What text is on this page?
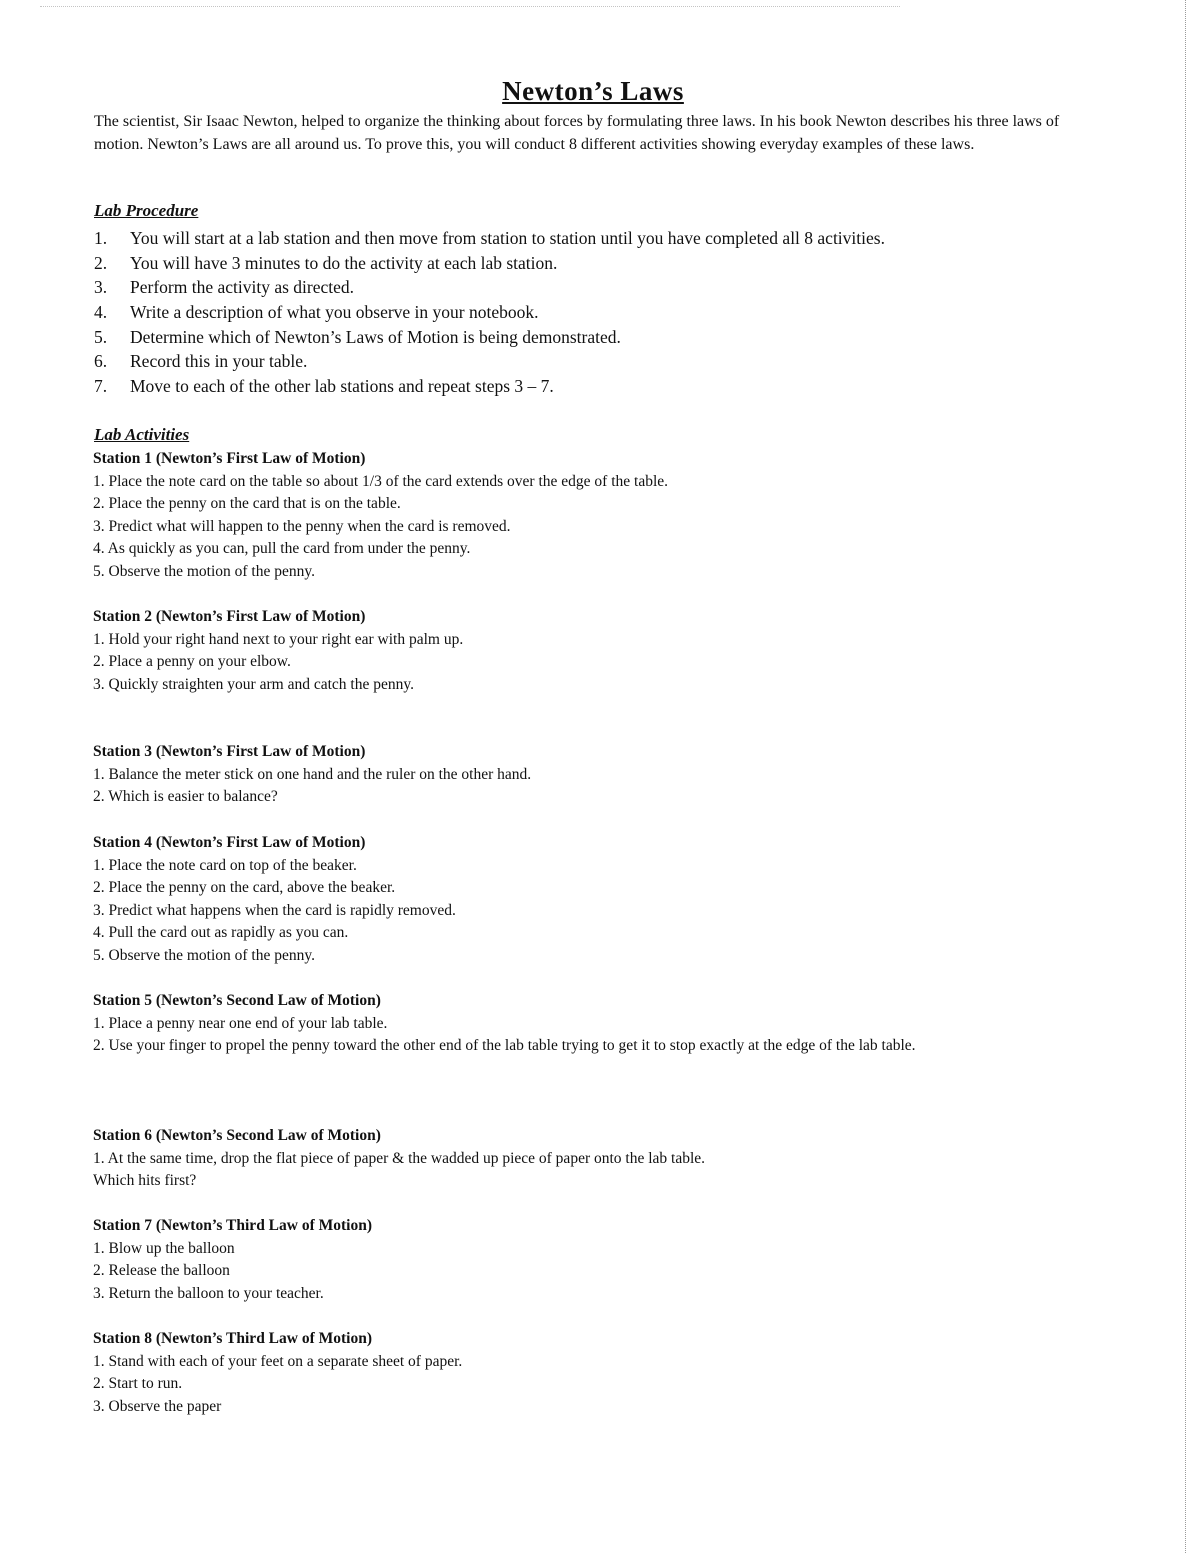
Newton’s Laws
The scientist, Sir Isaac Newton, helped to organize the thinking about forces by formulating three laws. In his book Newton describes his three laws of motion. Newton’s Laws are all around us. To prove this, you will conduct 8 different activities showing everyday examples of these laws.
Lab Procedure
1. You will start at a lab station and then move from station to station until you have completed all 8 activities.
2. You will have 3 minutes to do the activity at each lab station.
3. Perform the activity as directed.
4. Write a description of what you observe in your notebook.
5. Determine which of Newton’s Laws of Motion is being demonstrated.
6. Record this in your table.
7. Move to each of the other lab stations and repeat steps 3 – 7.
Lab Activities
Station 1 (Newton’s First Law of Motion)
1. Place the note card on the table so about 1/3 of the card extends over the edge of the table.
2. Place the penny on the card that is on the table.
3. Predict what will happen to the penny when the card is removed.
4. As quickly as you can, pull the card from under the penny.
5. Observe the motion of the penny.
Station 2 (Newton’s First Law of Motion)
1. Hold your right hand next to your right ear with palm up.
2. Place a penny on your elbow.
3. Quickly straighten your arm and catch the penny.
Station 3 (Newton’s First Law of Motion)
1. Balance the meter stick on one hand and the ruler on the other hand.
2. Which is easier to balance?
Station 4 (Newton’s First Law of Motion)
1. Place the note card on top of the beaker.
2. Place the penny on the card, above the beaker.
3. Predict what happens when the card is rapidly removed.
4. Pull the card out as rapidly as you can.
5. Observe the motion of the penny.
Station 5 (Newton’s Second Law of Motion)
1. Place a penny near one end of your lab table.
2. Use your finger to propel the penny toward the other end of the lab table trying to get it to stop exactly at the edge of the lab table.
Station 6 (Newton’s Second Law of Motion)
1. At the same time, drop the flat piece of paper & the wadded up piece of paper onto the lab table.
Which hits first?
Station 7 (Newton’s Third Law of Motion)
1. Blow up the balloon
2. Release the balloon
3. Return the balloon to your teacher.
Station 8 (Newton’s Third Law of Motion)
1. Stand with each of your feet on a separate sheet of paper.
2. Start to run.
3. Observe the paper
